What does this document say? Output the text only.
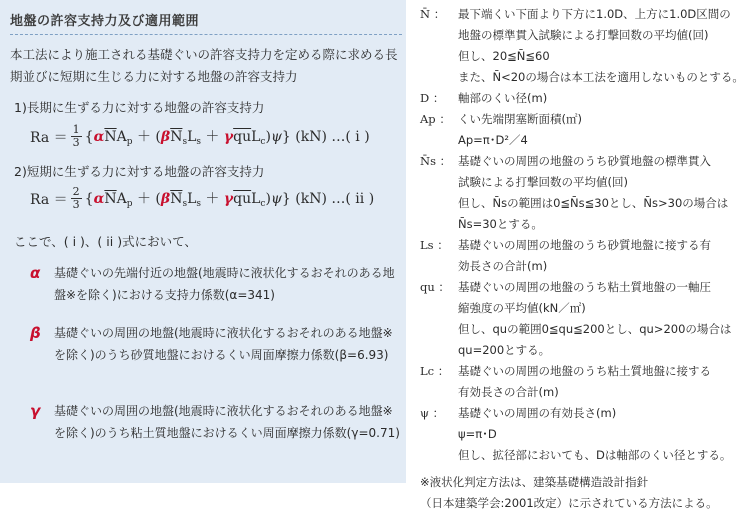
地盤の許容支持力及び適用範囲
本工法により施工される基礎ぐいの許容支持力を定める際に求める長期並びに短期に生じる力に対する地盤の許容支持力
1)長期に生ずる力に対する地盤の許容支持力
$Ra = \frac{1}{3} \{\alpha\overline{N}A_p + (\beta\overline{N}_sL_s + \gamma\overline{qu}L_c)\psi\}$ (kN) …( i )
2)短期に生ずる力に対する地盤の許容支持力
$Ra = \frac{2}{3} \{\alpha\overline{N}A_p + (\beta\overline{N}_sL_s + \gamma\overline{qu}L_c)\psi\}$ (kN) …( ii )
ここで、( i )、( ii )式において、
α	基礎ぐいの先端付近の地盤(地震時に液状化するおそれのある地盤※を除く)における支持力係数(α=341)
β	基礎ぐいの周囲の地盤(地震時に液状化するおそれのある地盤※を除く)のうち砂質地盤におけるくい周面摩擦力係数(β=6.93)
γ	基礎ぐいの周囲の地盤(地震時に液状化するおそれのある地盤※を除く)のうち粘土質地盤におけるくい周面摩擦力係数(γ=0.71)
N̄ ：	最下端くい下面より下方に1.0D、上方に1.0D区間の
地盤の標準貫入試験による打撃回数の平均値(回)
但し、20≦N̄≦60
また、N̄<20の場合は本工法を適用しないものとする。
D ：	軸部のくい径(m)
Ap ： くい先端閉塞断面積(㎡)
Ap=π･D²／4
N̄s ： 基礎ぐいの周囲の地盤のうち砂質地盤の標準貫入
試験による打撃回数の平均値(回)
但し、N̄sの範囲は0≦N̄s≦30とし、N̄s>30の場合は
N̄s=30とする。
Ls ： 基礎ぐいの周囲の地盤のうち砂質地盤に接する有
効長さの合計(m)
qu ： 基礎ぐいの周囲の地盤のうち粘土質地盤の一軸圧
縮強度の平均値(kN／㎡)
但し、quの範囲0≦qu≦200とし、qu>200の場合は
qu=200とする。
Lc ： 基礎ぐいの周囲の地盤のうち粘土質地盤に接する
有効長さの合計(m)
ψ ：	基礎ぐいの周囲の有効長さ(m)
ψ=π･D
但し、拡径部においても、Dは軸部のくい径とする。
※液状化判定方法は、建築基礎構造設計指針
（日本建築学会:2001改定）に示されている方法による。
